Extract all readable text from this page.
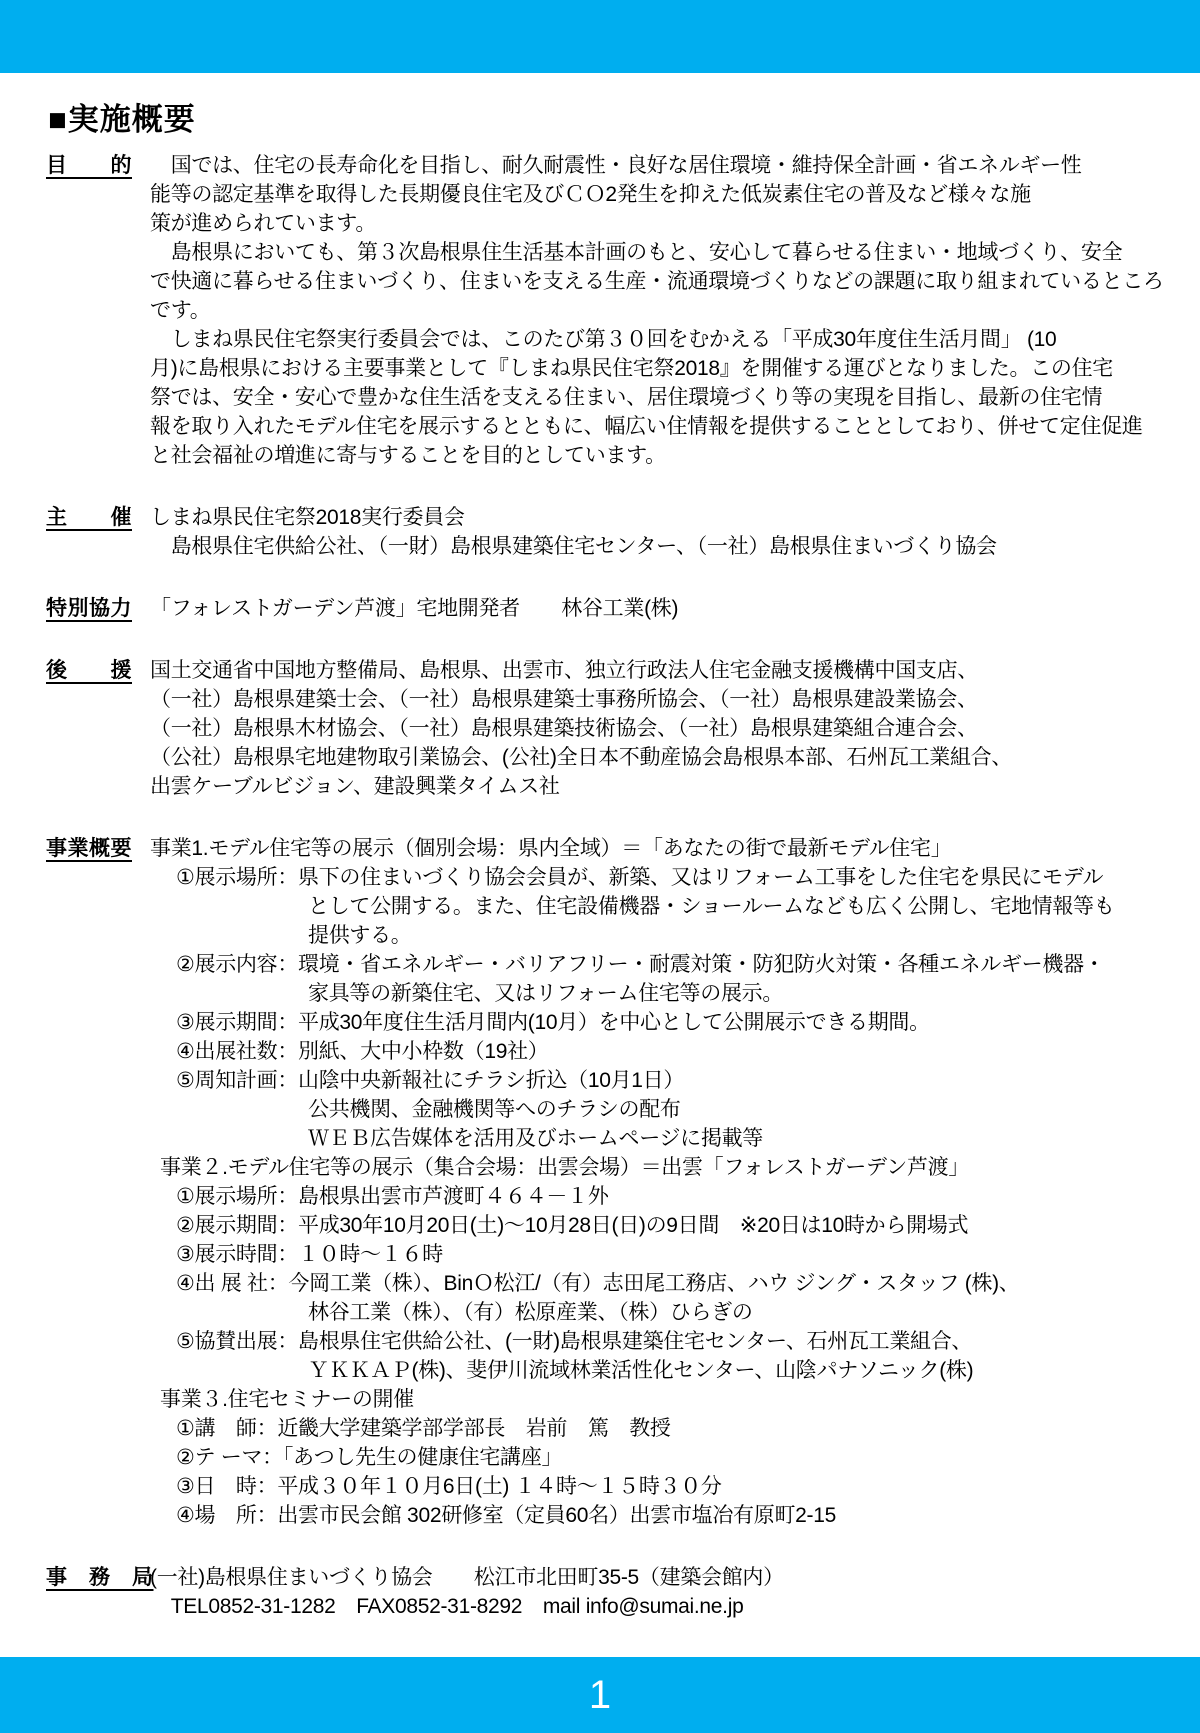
■実施概要
目　　的 　国では、住宅の長寿命化を目指し、耐久耐震性・良好な居住環境・維持保全計画・省エネルギー性
能等の認定基準を取得した長期優良住宅及びＣＯ2発生を抑えた低炭素住宅の普及など様々な施
策が進められています。
　島根県においても、第３次島根県住生活基本計画のもと、安心して暮らせる住まい・地域づくり、安全
で快適に暮らせる住まいづくり、住まいを支える生産・流通環境づくりなどの課題に取り組まれているところ
です。
　しまね県民住宅祭実行委員会では、このたび第３０回をむかえる「平成30年度住生活月間」 (10
月)に島根県における主要事業として『しまね県民住宅祭2018』を開催する運びとなりました。この住宅
祭では、安全・安心で豊かな住生活を支える住まい、居住環境づくり等の実現を目指し、最新の住宅情
報を取り入れたモデル住宅を展示するとともに、幅広い住情報を提供することとしており、併せて定住促進
と社会福祉の増進に寄与することを目的としています。
主　　催 しまね県民住宅祭2018実行委員会
　島根県住宅供給公社、（一財）島根県建築住宅センター、（一社）島根県住まいづくり協会
特別協力 「フォレストガーデン芦渡」宅地開発者　　林谷工業(株)
後　　援 国土交通省中国地方整備局、島根県、出雲市、独立行政法人住宅金融支援機構中国支店、
（一社）島根県建築士会、（一社）島根県建築士事務所協会、（一社）島根県建設業協会、
（一社）島根県木材協会、（一社）島根県建築技術協会、（一社）島根県建築組合連合会、
（公社）島根県宅地建物取引業協会、(公社)全日本不動産協会島根県本部、石州瓦工業組合、
出雲ケーブルビジョン、建設興業タイムス社
事業概要 事業1.モデル住宅等の展示（個別会場：県内全域）＝「あなたの街で最新モデル住宅」
①展示場所：県下の住まいづくり協会会員が、新築、又はリフォーム工事をした住宅を県民にモデル
として公開する。また、住宅設備機器・ショールームなども広く公開し、宅地情報等も
提供する。
②展示内容：環境・省エネルギー・バリアフリー・耐震対策・防犯防火対策・各種エネルギー機器・
家具等の新築住宅、又はリフォーム住宅等の展示。
③展示期間：平成30年度住生活月間内(10月）を中心として公開展示できる期間。
④出展社数：別紙、大中小枠数（19社）
⑤周知計画：山陰中央新報社にチラシ折込（10月1日）
公共機関、金融機関等へのチラシの配布
ＷＥＢ広告媒体を活用及びホームページに掲載等
事業２.モデル住宅等の展示（集合会場：出雲会場）＝出雲「フォレストガーデン芦渡」
①展示場所：島根県出雲市芦渡町４６４－１外
②展示期間：平成30年10月20日(土)～10月28日(日)の9日間　※20日は10時から開場式
③展示時間：１０時～１６時
④出 展 社：今岡工業（株）、BinＯ松江/（有）志田尾工務店、ハウ ジング・スタッフ (株)、
林谷工業（株）、（有）松原産業、（株）ひらぎの
⑤協賛出展：島根県住宅供給公社、(一財)島根県建築住宅センター、石州瓦工業組合、
ＹＫＫＡＰ(株)、斐伊川流域林業活性化センター、山陰パナソニック(株)
事業３.住宅セミナーの開催
①講　師：近畿大学建築学部学部長　岩前　篤　教授
②テ ーマ：「あつし先生の健康住宅講座」
③日　時：平成３０年１０月6日(土) １４時～１５時３０分
④場　所：出雲市民会館 302研修室（定員60名）出雲市塩冶有原町2-15
事　務　局
(一社)島根県住まいづくり協会　　松江市北田町35-5（建築会館内）
　TEL0852-31-1282　FAX0852-31-8292　mail info@sumai.ne.jp
1
